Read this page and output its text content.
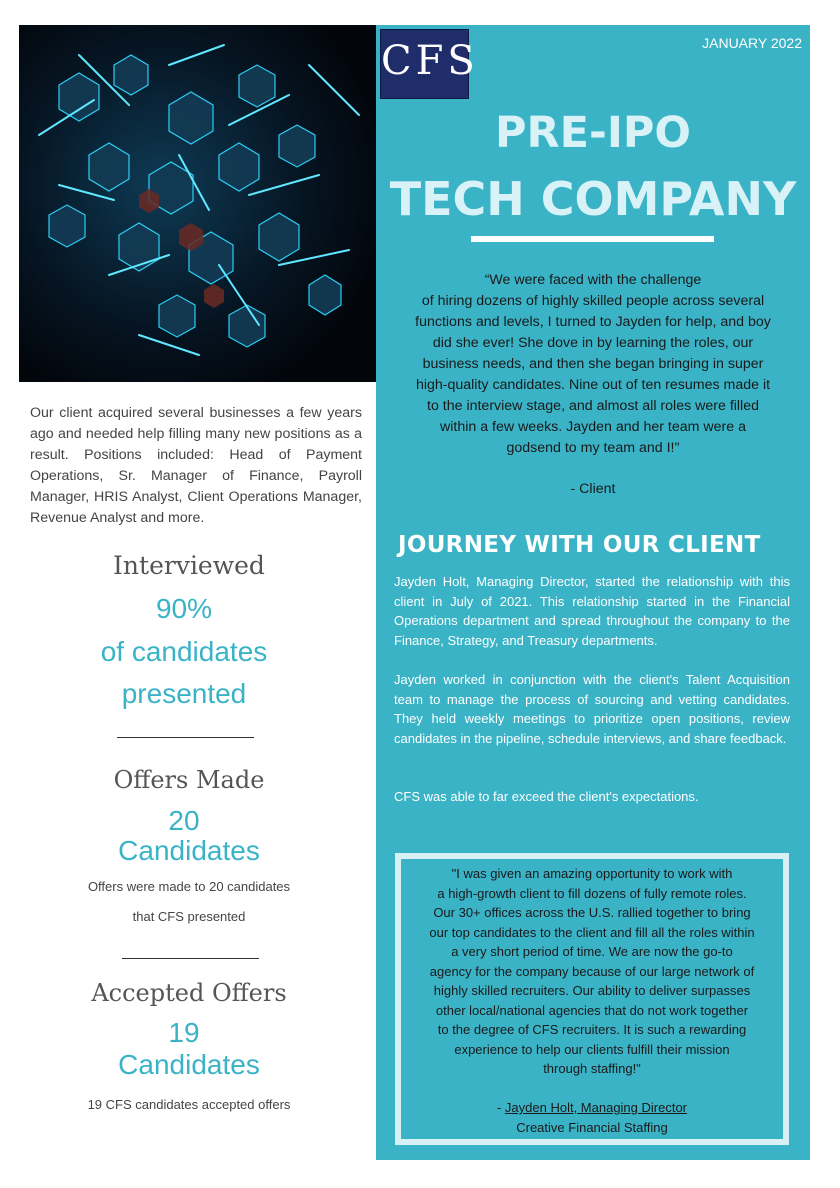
CFS	JANUARY 2022
PRE-IPO
TECH COMPANY
“We were faced with the challenge
of hiring dozens of highly skilled people across several
functions and levels, I turned to Jayden for help, and boy
did she ever! She dove in by learning the roles, our
business needs, and then she began bringing in super
high-quality candidates. Nine out of ten resumes made it
to the interview stage, and almost all roles were filled
within a few weeks. Jayden and her team were a
godsend to my team and I!"
- Client
JOURNEY WITH OUR CLIENT
Jayden Holt, Managing Director, started the relationship with this client in July of 2021. This relationship started in the Financial Operations department and spread throughout the company to the Finance, Strategy, and Treasury departments.
Jayden worked in conjunction with the client's Talent Acquisition team to manage the process of sourcing and vetting candidates. They held weekly meetings to prioritize open positions, review candidates in the pipeline, schedule interviews, and share feedback.
CFS was able to far exceed the client's expectations.
"I was given an amazing opportunity to work with
a high-growth client to fill dozens of fully remote roles.
Our 30+ offices across the U.S. rallied together to bring
our top candidates to the client and fill all the roles within
a very short period of time. We are now the go-to
agency for the company because of our large network of
highly skilled recruiters. Our ability to deliver surpasses
other local/national agencies that do not work together
to the degree of CFS recruiters. It is such a rewarding
experience to help our clients fulfill their mission
through staffing!"
- Jayden Holt, Managing Director
Creative Financial Staffing
Our client acquired several businesses a few years ago and needed help filling many new positions as a result. Positions included: Head of Payment Operations, Sr. Manager of Finance, Payroll Manager, HRIS Analyst, Client Operations Manager, Revenue Analyst and more.
Interviewed
90%
of candidates
presented
Offers Made
20
Candidates
Offers were made to 20 candidates
that CFS presented
Accepted Offers
19
Candidates
19 CFS candidates accepted offers
